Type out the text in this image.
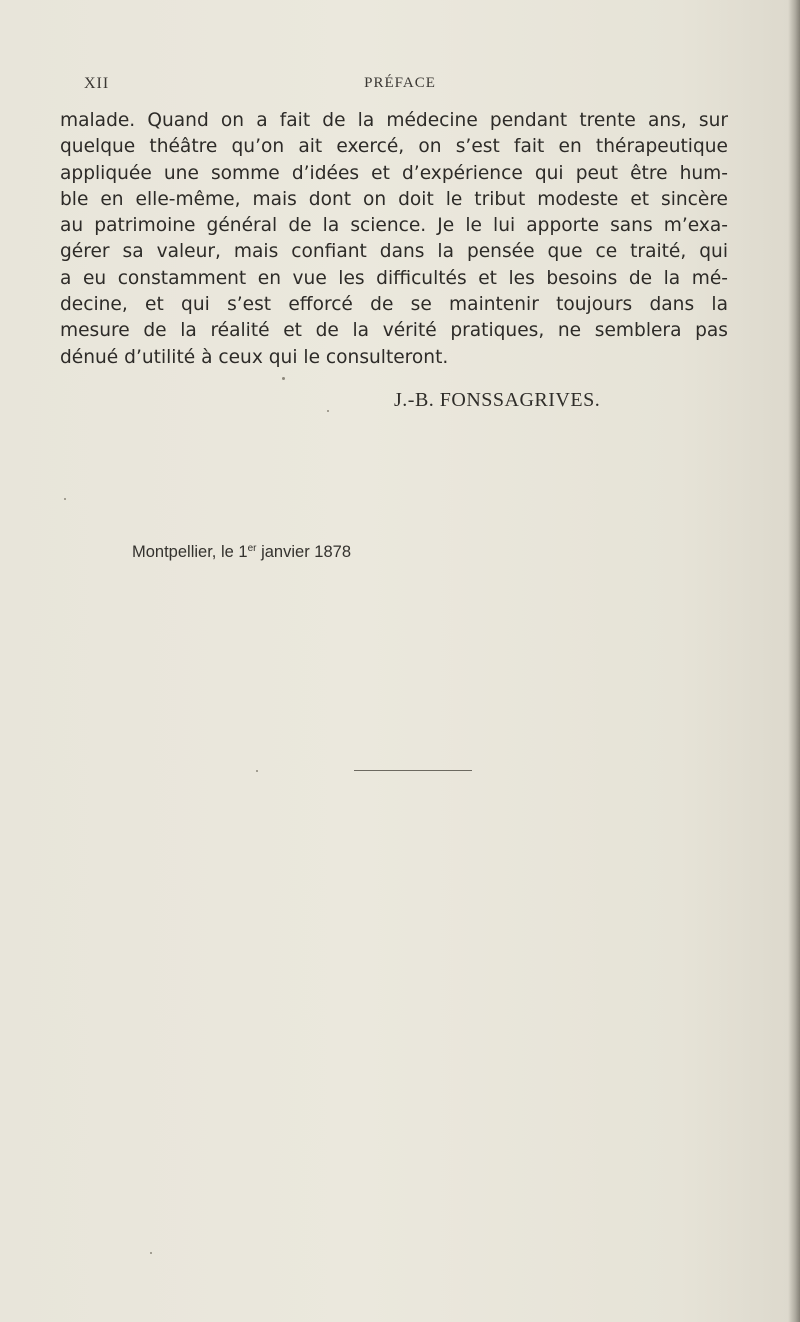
XII	PRÉFACE
malade. Quand on a fait de la médecine pendant trente ans, sur
quelque théâtre qu’on ait exercé, on s’est fait en thérapeutique
appliquée une somme d’idées et d’expérience qui peut être hum-
ble en elle-même, mais dont on doit le tribut modeste et sincère
au patrimoine général de la science. Je le lui apporte sans m’exa-
gérer sa valeur, mais confiant dans la pensée que ce traité, qui
a eu constamment en vue les difficultés et les besoins de la mé-
decine, et qui s’est efforcé de se maintenir toujours dans la
mesure de la réalité et de la vérité pratiques, ne semblera pas
dénué d’utilité à ceux qui le consulteront.
J.-B. FONSSAGRIVES.
Montpellier, le 1er janvier 1878
